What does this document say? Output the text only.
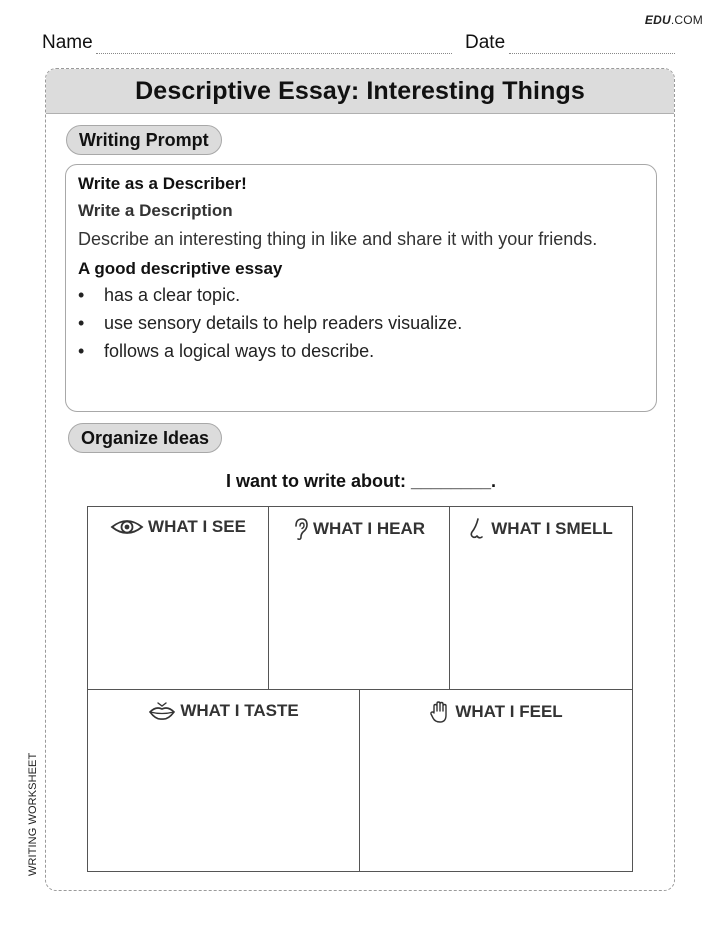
EDU.COM
Name	Date
WRITING WORKSHEET
Descriptive Essay: Interesting Things
Writing Prompt
Write as a Describer!
Write a Description
Describe an interesting thing in like and share it with your friends.
A good descriptive essay
• has a clear topic.
• use sensory details to help readers visualize.
• follows a logical ways to describe.
Organize Ideas
I want to write about: ________.
WHAT I SEE	WHAT I HEAR	WHAT I SMELL
WHAT I TASTE	WHAT I FEEL
